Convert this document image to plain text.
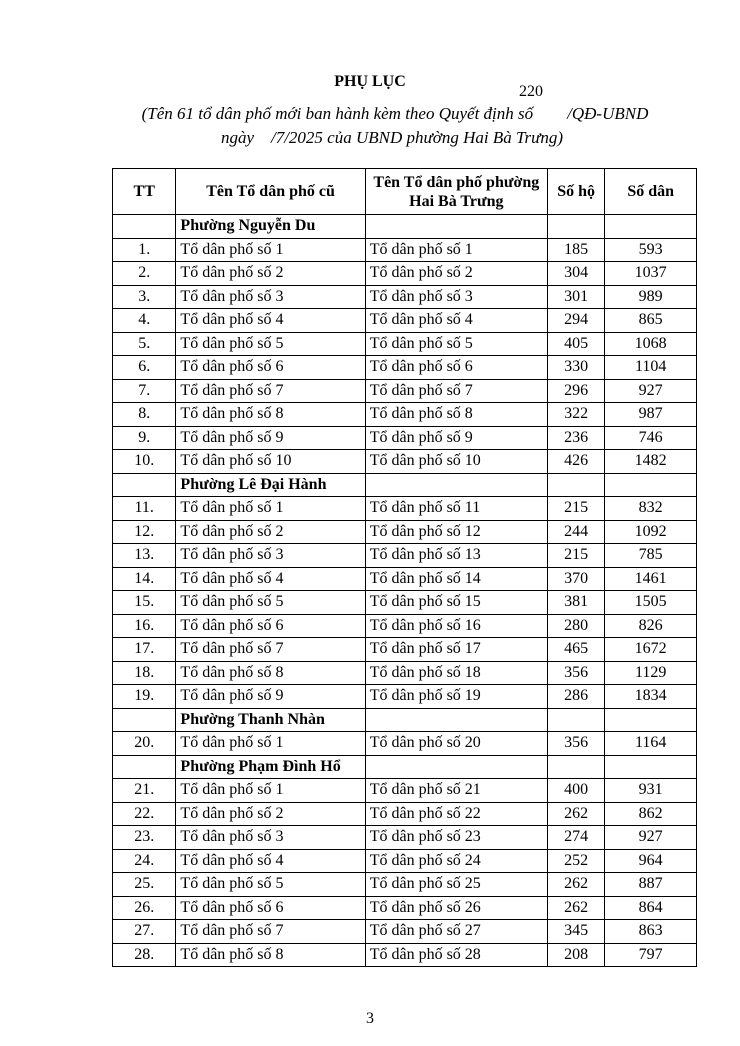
PHỤ LỤC
220
(Tên 61 tổ dân phố mới ban hành kèm theo Quyết định số        /QĐ-UBND
ngày    /7/2025 của UBND phường Hai Bà Trưng)
TT	Tên Tổ dân phố cũ	Tên Tổ dân phố phường Hai Bà Trưng	Số hộ	Số dân
	Phường Nguyễn Du			
1.	Tổ dân phố số 1	Tổ dân phố số 1	185	593
2.	Tổ dân phố số 2	Tổ dân phố số 2	304	1037
3.	Tổ dân phố số 3	Tổ dân phố số 3	301	989
4.	Tổ dân phố số 4	Tổ dân phố số 4	294	865
5.	Tổ dân phố số 5	Tổ dân phố số 5	405	1068
6.	Tổ dân phố số 6	Tổ dân phố số 6	330	1104
7.	Tổ dân phố số 7	Tổ dân phố số 7	296	927
8.	Tổ dân phố số 8	Tổ dân phố số 8	322	987
9.	Tổ dân phố số 9	Tổ dân phố số 9	236	746
10.	Tổ dân phố số 10	Tổ dân phố số 10	426	1482
	Phường Lê Đại Hành			
11.	Tổ dân phố số 1	Tổ dân phố số 11	215	832
12.	Tổ dân phố số 2	Tổ dân phố số 12	244	1092
13.	Tổ dân phố số 3	Tổ dân phố số 13	215	785
14.	Tổ dân phố số 4	Tổ dân phố số 14	370	1461
15.	Tổ dân phố số 5	Tổ dân phố số 15	381	1505
16.	Tổ dân phố số 6	Tổ dân phố số 16	280	826
17.	Tổ dân phố số 7	Tổ dân phố số 17	465	1672
18.	Tổ dân phố số 8	Tổ dân phố số 18	356	1129
19.	Tổ dân phố số 9	Tổ dân phố số 19	286	1834
	Phường Thanh Nhàn			
20.	Tổ dân phố số 1	Tổ dân phố số 20	356	1164
	Phường Phạm Đình Hổ			
21.	Tổ dân phố số 1	Tổ dân phố số 21	400	931
22.	Tổ dân phố số 2	Tổ dân phố số 22	262	862
23.	Tổ dân phố số 3	Tổ dân phố số 23	274	927
24.	Tổ dân phố số 4	Tổ dân phố số 24	252	964
25.	Tổ dân phố số 5	Tổ dân phố số 25	262	887
26.	Tổ dân phố số 6	Tổ dân phố số 26	262	864
27.	Tổ dân phố số 7	Tổ dân phố số 27	345	863
28.	Tổ dân phố số 8	Tổ dân phố số 28	208	797
3
